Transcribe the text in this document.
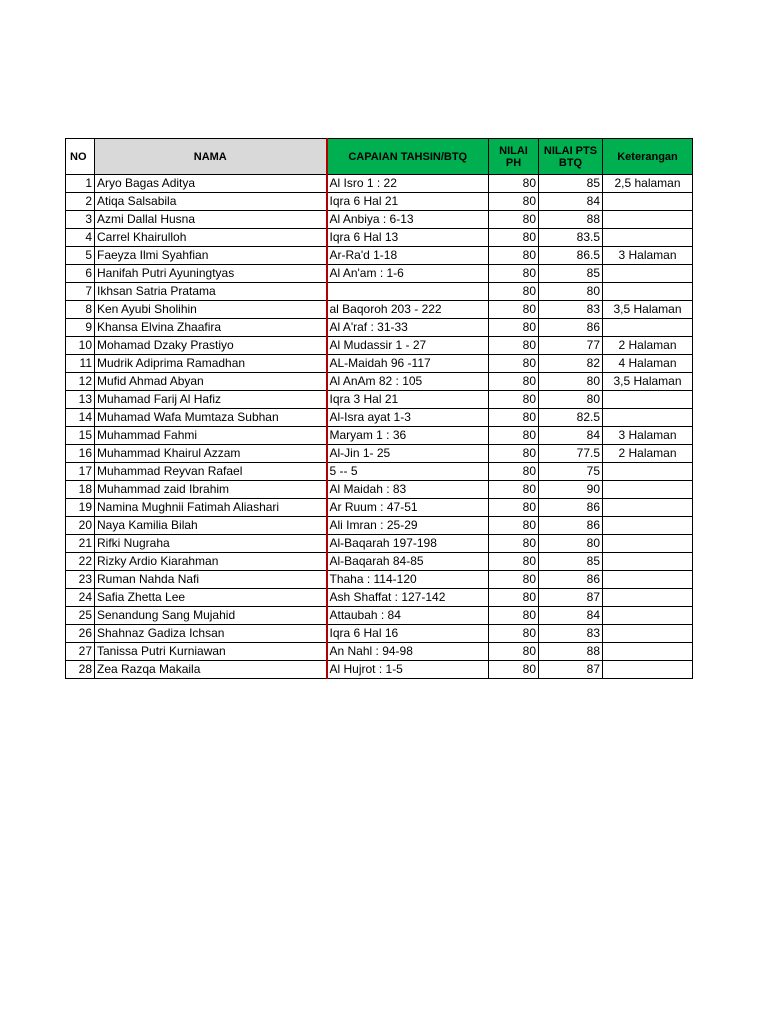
NO	NAMA	CAPAIAN TAHSIN/BTQ	NILAI PH	NILAI PTS BTQ	Keterangan
1	Aryo Bagas Aditya	Al Isro 1 : 22	80	85	2,5 halaman
2	Atiqa Salsabila	Iqra 6 Hal 21	80	84	
3	Azmi Dallal Husna	Al Anbiya : 6-13	80	88	
4	Carrel Khairulloh	Iqra 6 Hal 13	80	83.5	
5	Faeyza Ilmi Syahfian	Ar-Ra'd 1-18	80	86.5	3 Halaman
6	Hanifah Putri Ayuningtyas	Al An'am : 1-6	80	85	
7	Ikhsan Satria Pratama		80	80	
8	Ken Ayubi Sholihin	al Baqoroh 203 - 222	80	83	3,5 Halaman
9	Khansa Elvina Zhaafira	Al A'raf : 31-33	80	86	
10	Mohamad Dzaky Prastiyo	Al Mudassir 1 - 27	80	77	2 Halaman
11	Mudrik Adiprima Ramadhan	AL-Maidah 96 -117	80	82	4 Halaman
12	Mufid Ahmad Abyan	Al AnAm 82 : 105	80	80	3,5 Halaman
13	Muhamad Farij Al Hafiz	Iqra 3 Hal 21	80	80	
14	Muhamad Wafa Mumtaza Subhan	Al-Isra ayat 1-3	80	82.5	
15	Muhammad Fahmi	Maryam 1 : 36	80	84	3 Halaman
16	Muhammad Khairul Azzam	Al-Jin 1- 25	80	77.5	2 Halaman
17	Muhammad Reyvan Rafael	5 -- 5	80	75	
18	Muhammad zaid Ibrahim	Al Maidah : 83	80	90	
19	Namina Mughnii Fatimah Aliashari	Ar Ruum : 47-51	80	86	
20	Naya Kamilia Bilah	Ali Imran : 25-29	80	86	
21	Rifki Nugraha	Al-Baqarah 197-198	80	80	
22	Rizky Ardio Kiarahman	Al-Baqarah 84-85	80	85	
23	Ruman Nahda Nafi	Thaha : 114-120	80	86	
24	Safia Zhetta Lee	Ash Shaffat : 127-142	80	87	
25	Senandung Sang Mujahid	Attaubah : 84	80	84	
26	Shahnaz Gadiza Ichsan	Iqra 6 Hal 16	80	83	
27	Tanissa Putri Kurniawan	An Nahl : 94-98	80	88	
28	Zea Razqa Makaila	Al Hujrot : 1-5	80	87	
